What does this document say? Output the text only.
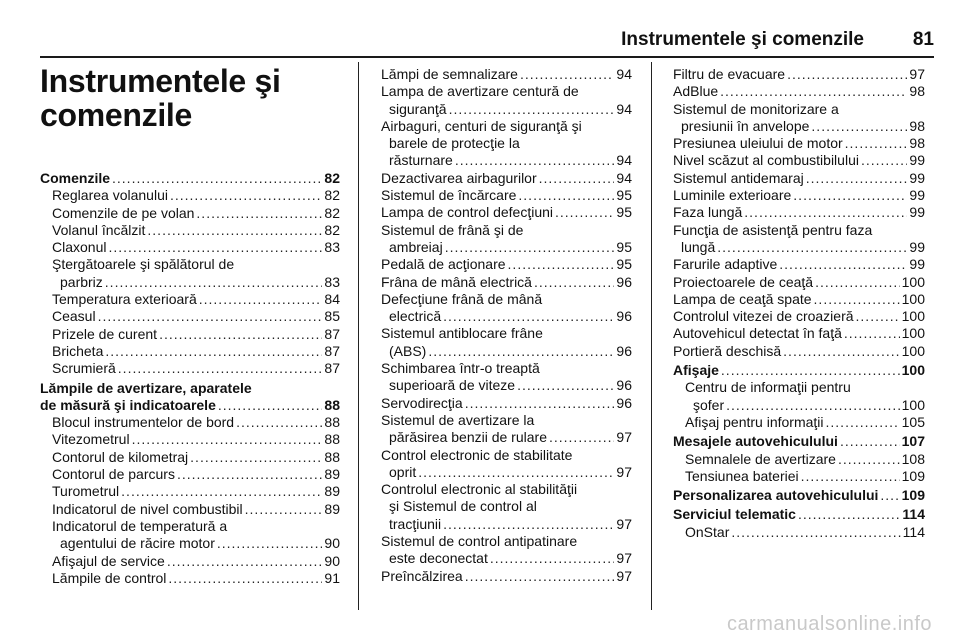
Instrumentele şi comenzile	81
Instrumentele şi
comenzile
Comenzile .....	82
Reglarea volanului .....	82
Comenzile de pe volan .....	82
Volanul încălzit .....	82
Claxonul .....	83
Ştergătoarele şi spălătorul de
parbriz .....	83
Temperatura exterioară .....	84
Ceasul .....	85
Prizele de curent .....	87
Bricheta .....	87
Scrumieră .....	87
Lămpile de avertizare, aparatele
de măsură şi indicatoarele .....	88
Blocul instrumentelor de bord .....	88
Vitezometrul .....	88
Contorul de kilometraj .....	88
Contorul de parcurs .....	89
Turometrul .....	89
Indicatorul de nivel combustibil .....	89
Indicatorul de temperatură a
agentului de răcire motor .....	90
Afişajul de service .....	90
Lămpile de control .....	91
Lămpi de semnalizare .....	94
Lampa de avertizare centură de
siguranţă .....	94
Airbaguri, centuri de siguranţă şi
barele de protecţie la
răsturnare .....	94
Dezactivarea airbagurilor .....	94
Sistemul de încărcare .....	95
Lampa de control defecţiuni .....	95
Sistemul de frână şi de
ambreiaj .....	95
Pedală de acţionare .....	95
Frâna de mână electrică .....	96
Defecţiune frână de mână
electrică .....	96
Sistemul antiblocare frâne
(ABS) .....	96
Schimbarea într-o treaptă
superioară de viteze .....	96
Servodirecţia .....	96
Sistemul de avertizare la
părăsirea benzii de rulare .....	97
Control electronic de stabilitate
oprit .....	97
Controlul electronic al stabilităţii
şi Sistemul de control al
tracţiunii .....	97
Sistemul de control antipatinare
este deconectat .....	97
Preîncălzirea .....	97
Filtru de evacuare .....	97
AdBlue .....	98
Sistemul de monitorizare a
presiunii în anvelope .....	98
Presiunea uleiului de motor .....	98
Nivel scăzut al combustibilului .....	99
Sistemul antidemaraj .....	99
Luminile exterioare .....	99
Faza lungă .....	99
Funcţia de asistenţă pentru faza
lungă .....	99
Farurile adaptive .....	99
Proiectoarele de ceaţă .....	100
Lampa de ceaţă spate .....	100
Controlul vitezei de croazieră .....	100
Autovehicul detectat în faţă .....	100
Portieră deschisă .....	100
Afişaje .....	100
Centru de informaţii pentru
şofer .....	100
Afişaj pentru informaţii .....	105
Mesajele autovehiculului .....	107
Semnalele de avertizare .....	108
Tensiunea bateriei .....	109
Personalizarea autovehiculului ..... 109
Serviciul telematic .....	114
OnStar .....	114
carmanualsonline.info
